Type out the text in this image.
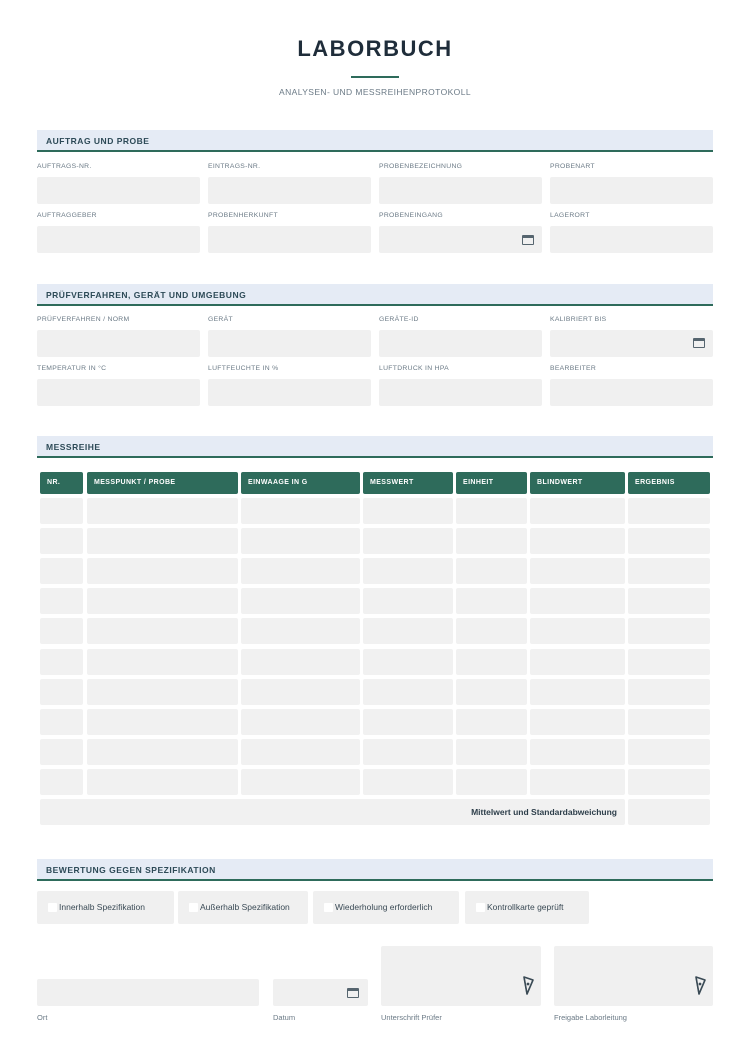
LABORBUCH
ANALYSEN- UND MESSREIHENPROTOKOLL
AUFTRAG UND PROBE
AUFTRAGS-NR.	EINTRAGS-NR.	PROBENBEZEICHNUNG	PROBENART
AUFTRAGGEBER	PROBENHERKUNFT	PROBENEINGANG	LAGERORT
PRÜFVERFAHREN, GERÄT UND UMGEBUNG
PRÜFVERFAHREN / NORM	GERÄT	GERÄTE-ID	KALIBRIERT BIS
TEMPERATUR IN °C	LUFTFEUCHTE IN %	LUFTDRUCK IN HPA	BEARBEITER
MESSREIHE
NR.	MESSPUNKT / PROBE	EINWAAGE IN G	MESSWERT	EINHEIT	BLINDWERT	ERGEBNIS
Mittelwert und Standardabweichung
BEWERTUNG GEGEN SPEZIFIKATION
Innerhalb Spezifikation	Außerhalb Spezifikation	Wiederholung erforderlich	Kontrollkarte geprüft
Ort	Datum	Unterschrift Prüfer	Freigabe Laborleitung
